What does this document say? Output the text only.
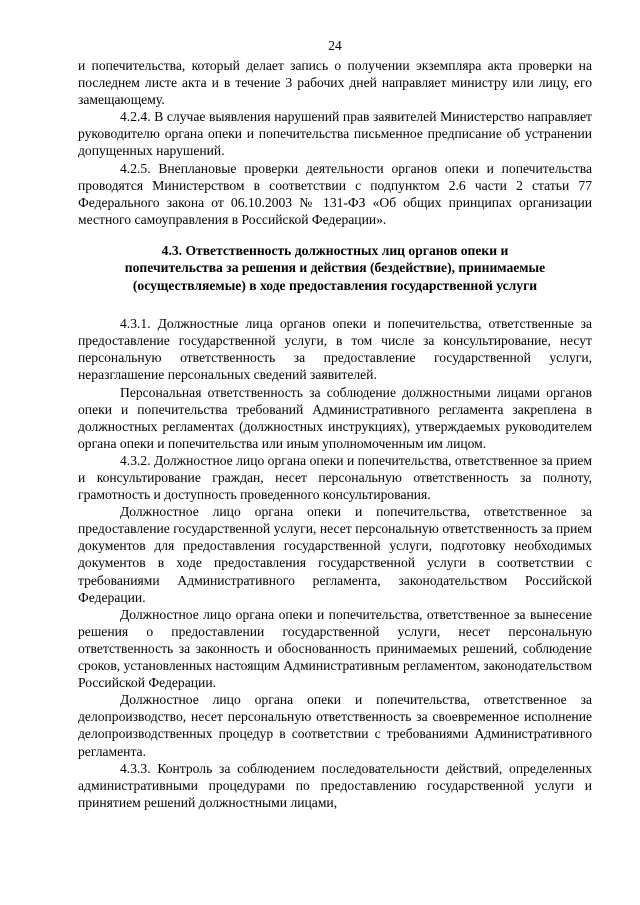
24

и попечительства, который делает запись о получении экземпляра акта проверки на последнем листе акта и в течение 3 рабочих дней направляет министру или лицу, его замещающему.

4.2.4. В случае выявления нарушений прав заявителей Министерство направляет руководителю органа опеки и попечительства письменное предписание об устранении допущенных нарушений.

4.2.5. Внеплановые проверки деятельности органов опеки и попечительства проводятся Министерством в соответствии с подпунктом 2.6 части 2 статьи 77 Федерального закона от 06.10.2003 № 131-ФЗ «Об общих принципах организации местного самоуправления в Российской Федерации».

4.3. Ответственность должностных лиц органов опеки и
попечительства за решения и действия (бездействие), принимаемые
(осуществляемые) в ходе предоставления государственной услуги

4.3.1. Должностные лица органов опеки и попечительства, ответственные за предоставление государственной услуги, в том числе за консультирование, несут персональную ответственность за предоставление государственной услуги, неразглашение персональных сведений заявителей.

Персональная ответственность за соблюдение должностными лицами органов опеки и попечительства требований Административного регламента закреплена в должностных регламентах (должностных инструкциях), утверждаемых руководителем органа опеки и попечительства или иным уполномоченным им лицом.

4.3.2. Должностное лицо органа опеки и попечительства, ответственное за прием и консультирование граждан, несет персональную ответственность за полноту, грамотность и доступность проведенного консультирования.

Должностное лицо органа опеки и попечительства, ответственное за предоставление государственной услуги, несет персональную ответственность за прием документов для предоставления государственной услуги, подготовку необходимых документов в ходе предоставления государственной услуги в соответствии с требованиями Административного регламента, законодательством Российской Федерации.

Должностное лицо органа опеки и попечительства, ответственное за вынесение решения о предоставлении государственной услуги, несет персональную ответственность за законность и обоснованность принимаемых решений, соблюдение сроков, установленных настоящим Административным регламентом, законодательством Российской Федерации.

Должностное лицо органа опеки и попечительства, ответственное за делопроизводство, несет персональную ответственность за своевременное исполнение делопроизводственных процедур в соответствии с требованиями Административного регламента.

4.3.3. Контроль за соблюдением последовательности действий, определенных административными процедурами по предоставлению государственной услуги и принятием решений должностными лицами,
